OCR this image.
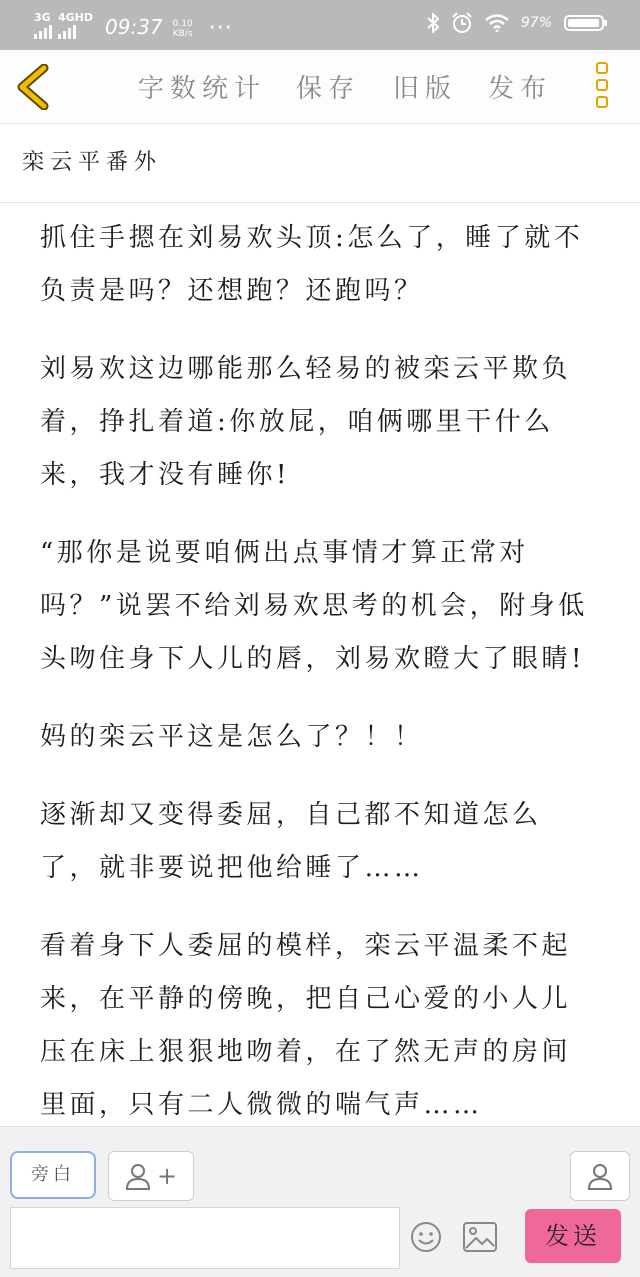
3G 4GHD 09:37 0.10
KB/s ···	97%
字数统计 保存 旧版 发布
栾云平番外

抓住手摁在刘易欢头顶:怎么了，睡了就不负责是吗？还想跑？还跑吗？

刘易欢这边哪能那么轻易的被栾云平欺负着，挣扎着道:你放屁，咱俩哪里干什么来，我才没有睡你!

“那你是说要咱俩出点事情才算正常对吗？”说罢不给刘易欢思考的机会，附身低头吻住身下人儿的唇，刘易欢瞪大了眼睛!

妈的栾云平这是怎么了？！！

逐渐却又变得委屈，自己都不知道怎么了，就非要说把他给睡了……

看着身下人委屈的模样，栾云平温柔不起来，在平静的傍晚，把自己心爱的小人儿压在床上狠狠地吻着，在了然无声的房间里面，只有二人微微的喘气声……

旁白	+
发送
